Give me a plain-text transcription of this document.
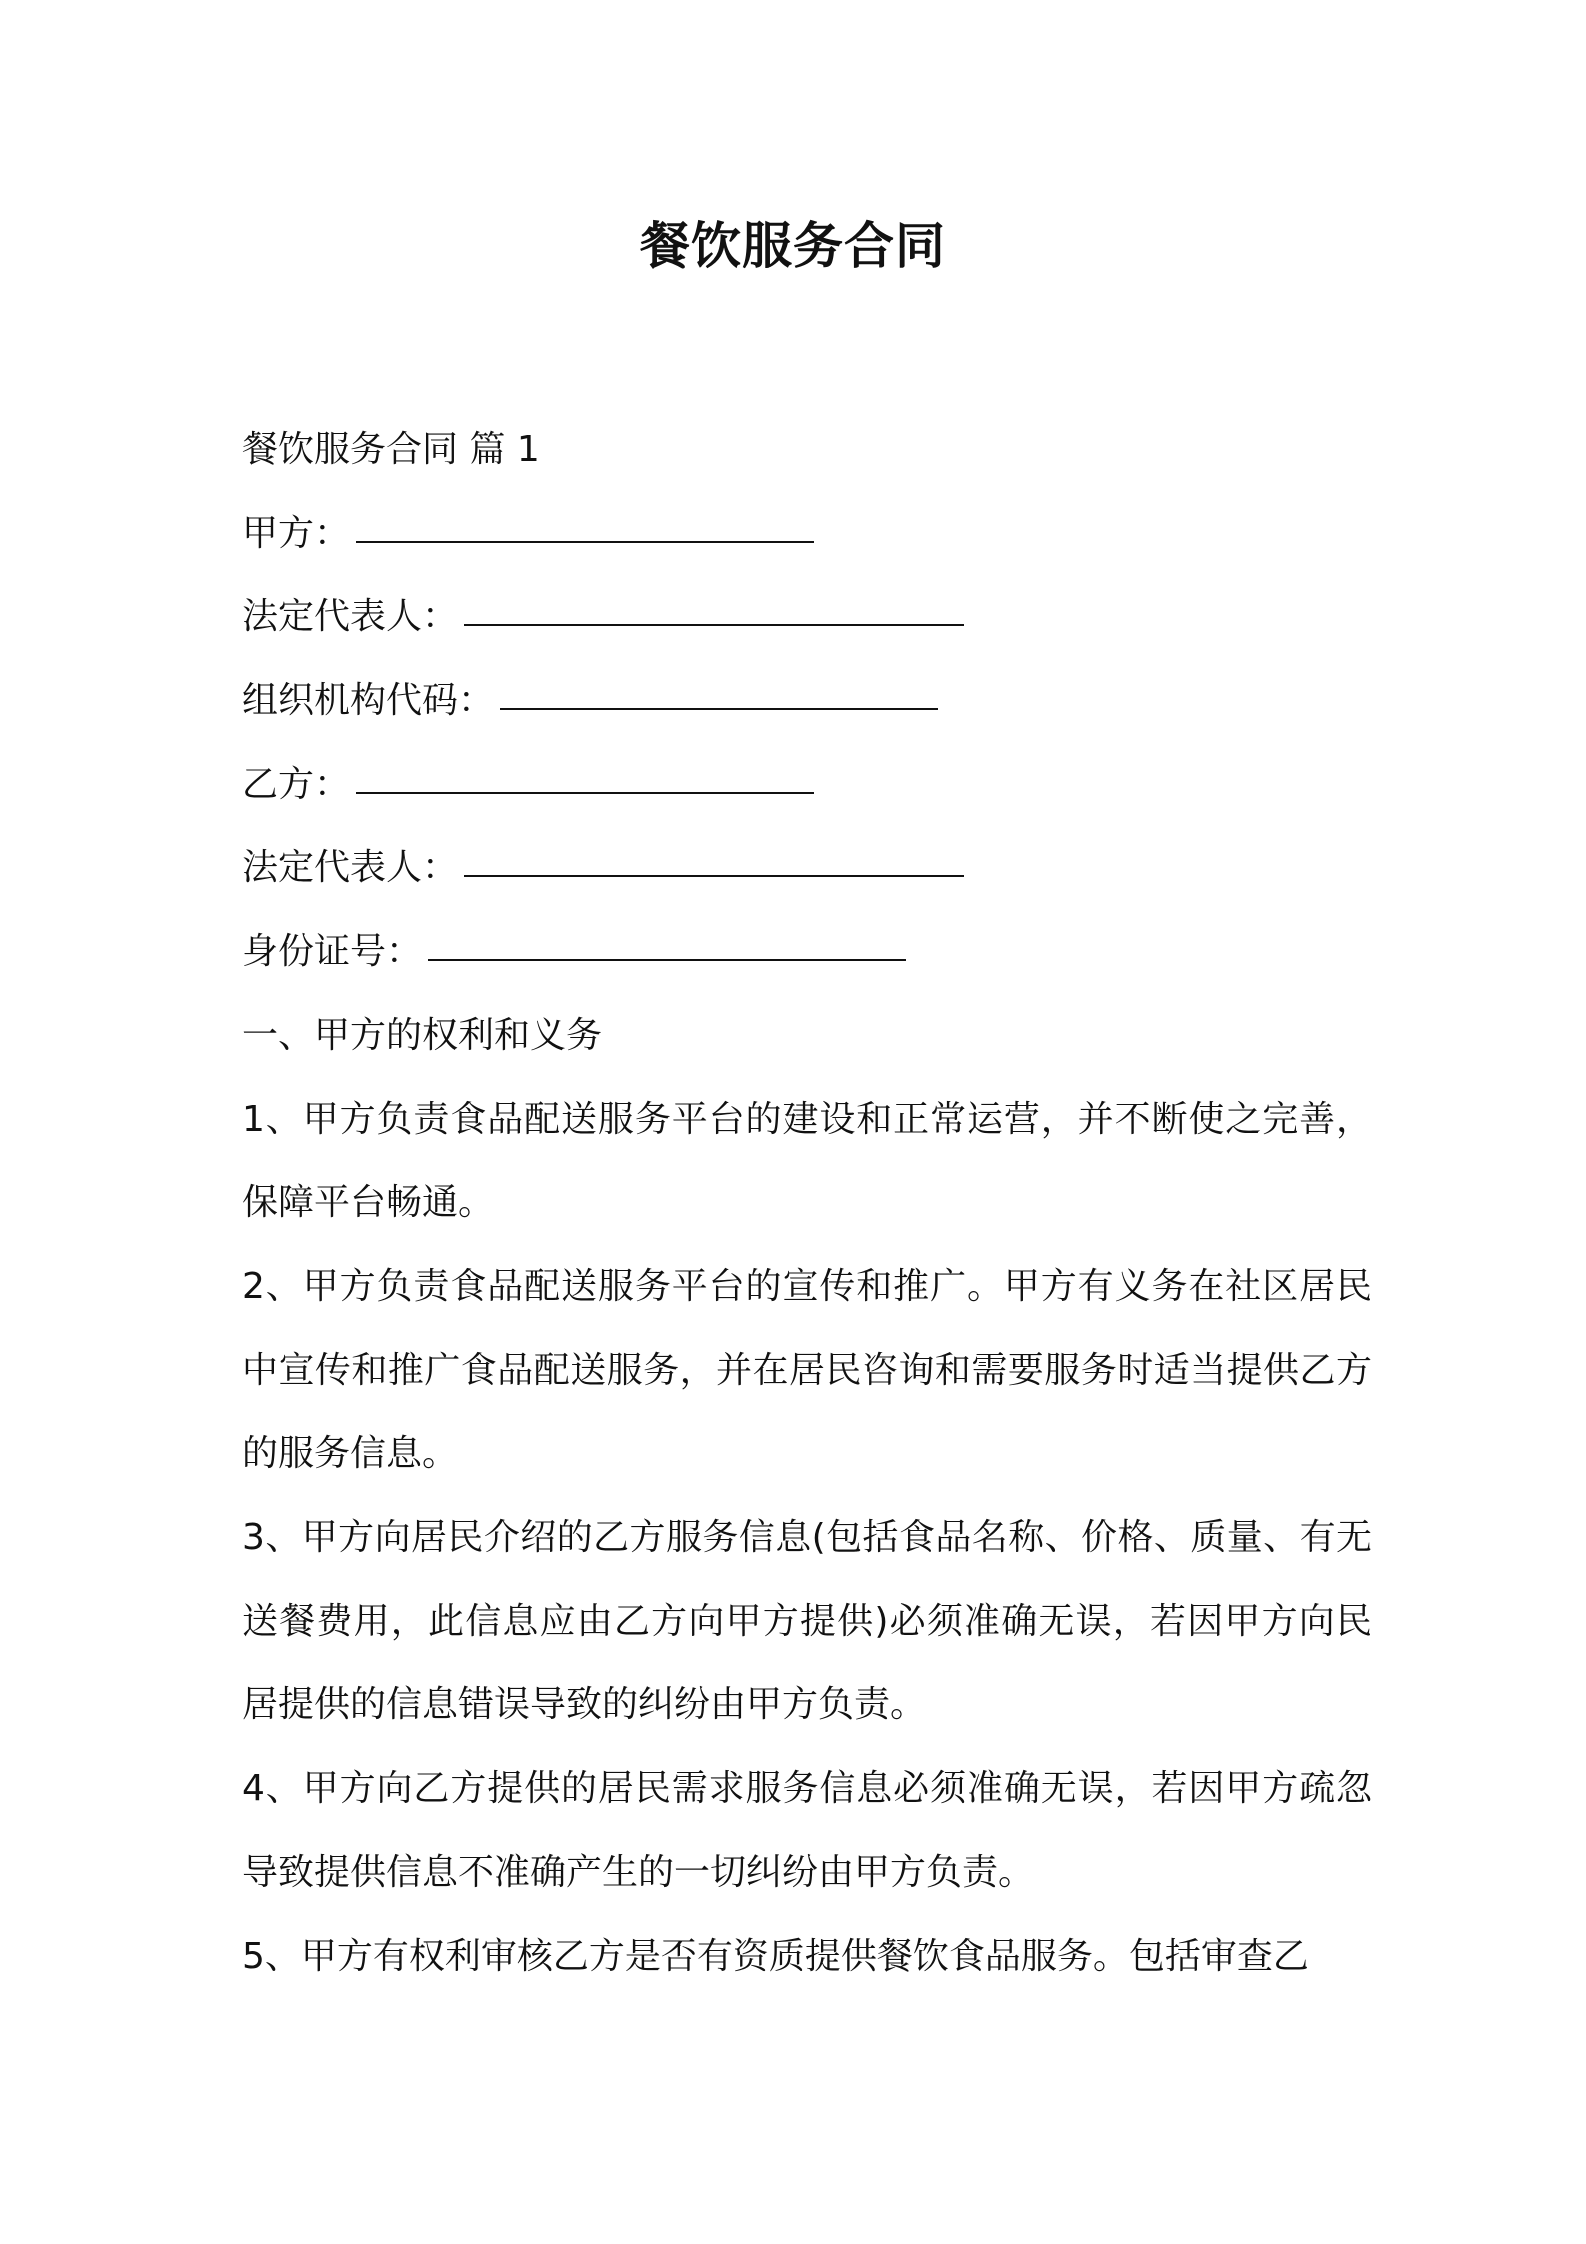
餐饮服务合同
餐饮服务合同 篇 1
甲方：
法定代表人：
组织机构代码：
乙方：
法定代表人：
身份证号：
一、甲方的权利和义务
1、甲方负责食品配送服务平台的建设和正常运营，并不断使之完善，保障平台畅通。
2、甲方负责食品配送服务平台的宣传和推广。甲方有义务在社区居民中宣传和推广食品配送服务，并在居民咨询和需要服务时适当提供乙方的服务信息。
3、甲方向居民介绍的乙方服务信息(包括食品名称、价格、质量、有无送餐费用，此信息应由乙方向甲方提供)必须准确无误，若因甲方向民居提供的信息错误导致的纠纷由甲方负责。
4、甲方向乙方提供的居民需求服务信息必须准确无误，若因甲方疏忽导致提供信息不准确产生的一切纠纷由甲方负责。
5、甲方有权利审核乙方是否有资质提供餐饮食品服务。包括审查乙
